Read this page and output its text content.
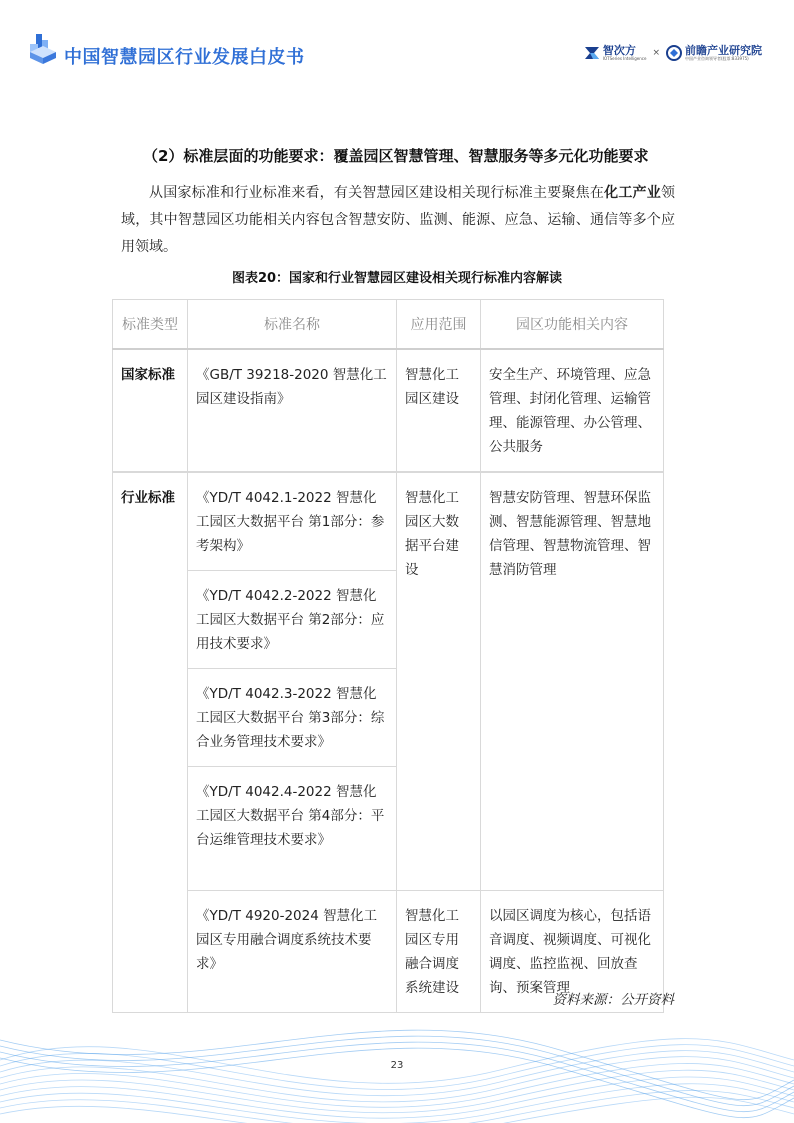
中国智慧园区行业发展白皮书	智次方
IOTSeries Intelligence
× 前瞻产业研究院
中国产业咨询领导者(股票:833975)
（2）标准层面的功能要求：覆盖园区智慧管理、智慧服务等多元化功能要求
从国家标准和行业标准来看，有关智慧园区建设相关现行标准主要聚焦在化工产业领域，其中智慧园区功能相关内容包含智慧安防、监测、能源、应急、运输、通信等多个应用领域。
图表20：国家和行业智慧园区建设相关现行标准内容解读
标准类型	标准名称	应用范围	园区功能相关内容
国家标准	《GB/T 39218-2020 智慧化工园区建设指南》	智慧化工园区建设	安全生产、环境管理、应急管理、封闭化管理、运输管理、能源管理、办公管理、公共服务
行业标准	《YD/T 4042.1-2022 智慧化工园区大数据平台 第1部分：参考架构》	智慧化工园区大数据平台建设	智慧安防管理、智慧环保监测、智慧能源管理、智慧地信管理、智慧物流管理、智慧消防管理
	《YD/T 4042.2-2022 智慧化工园区大数据平台 第2部分：应用技术要求》		
	《YD/T 4042.3-2022 智慧化工园区大数据平台 第3部分：综合业务管理技术要求》		
	《YD/T 4042.4-2022 智慧化工园区大数据平台 第4部分：平台运维管理技术要求》		
	《YD/T 4920-2024 智慧化工园区专用融合调度系统技术要求》	智慧化工园区专用融合调度系统建设	以园区调度为核心，包括语音调度、视频调度、可视化调度、监控监视、回放查询、预案管理
资料来源：公开资料
23
